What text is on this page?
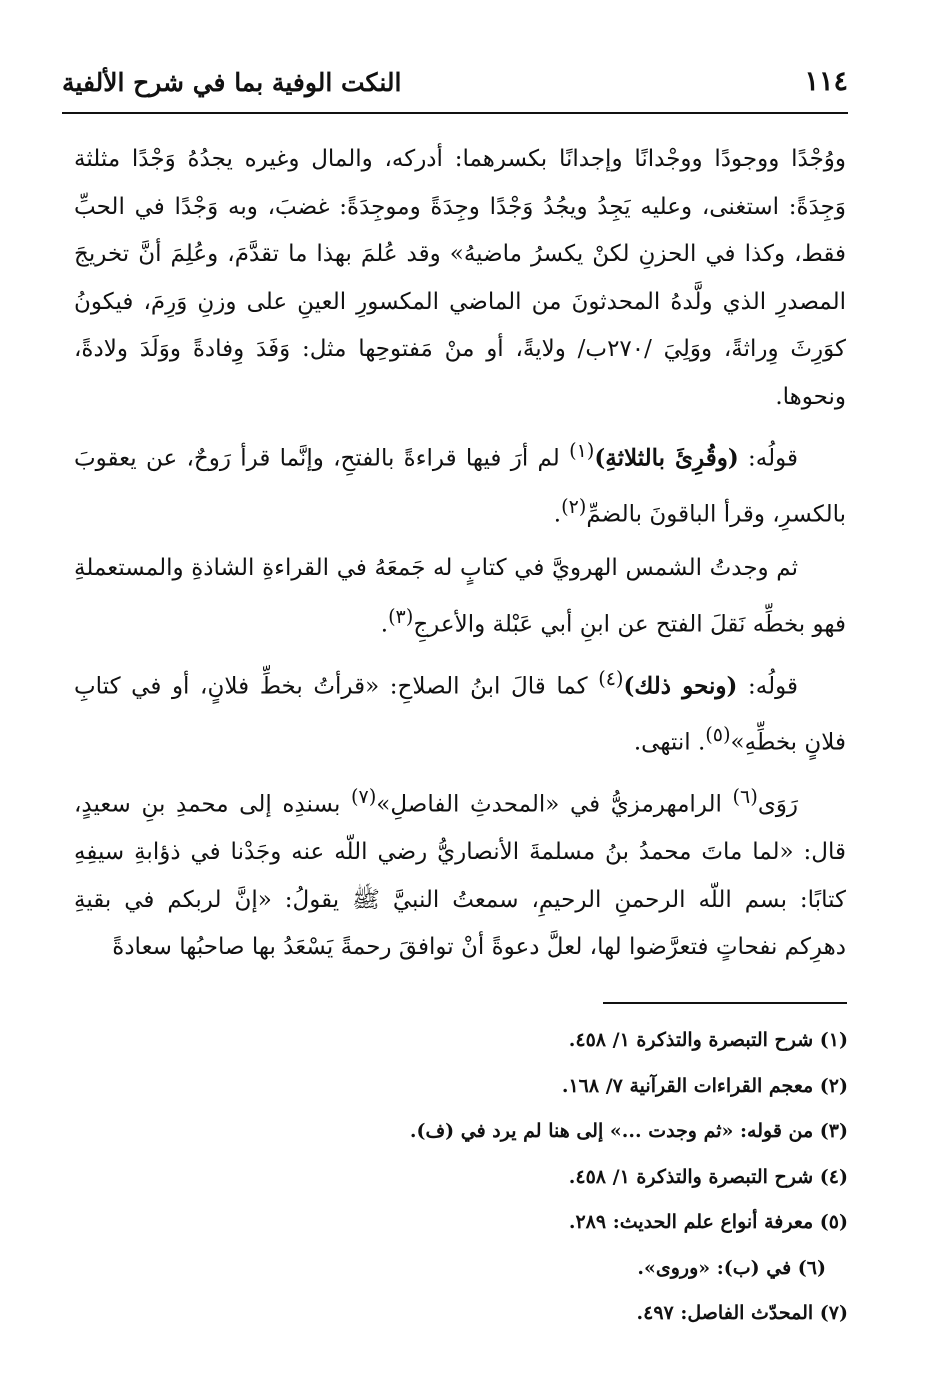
١١٤
النكت الوفية بما في شرح الألفية

ووُجْدًا ووجودًا ووجْدانًا وإجدانًا بكسرهما: أدركه، والمال وغيره يجدُهُ وَجْدًا مثلثة وَجِدَةً: استغنى، وعليه يَجِدُ ويجُدُ وَجْدًا وجِدَةً وموجِدَةً: غضبَ، وبه وَجْدًا في الحبِّ فقط، وكذا في الحزنِ لكنْ يكسرُ ماضيهُ» وقد عُلمَ بهذا ما تقدَّمَ، وعُلِمَ أنَّ تخريجَ المصدرِ الذي ولَّدهُ المحدثونَ من الماضي المكسورِ العينِ على وزنِ وَرِمَ، فيكونُ كوَرِثَ وِراثةً، ووَلِيَ /٢٧٠ب/ ولايةً، أو منْ مَفتوحِها مثل: وَفَدَ وِفادةً ووَلَدَ ولادةً، ونحوها.

قولُه: (وقُرِئَ بالثلاثةِ)$^{(١)}$ لم أرَ فيها قراءةً بالفتحِ، وإنَّما قرأ رَوحٌ، عن يعقوبَ بالكسرِ، وقرأ الباقونَ بالضمِّ$^{(٢)}$.

ثم وجدتُ الشمس الهرويَّ في كتابٍ له جَمعَهُ في القراءةِ الشاذةِ والمستعملةِ فهو بخطِّه نَقلَ الفتح عن ابنِ أبي عَبْلة والأعرجِ$^{(٣)}$.

قولُه: (ونحو ذلك)$^{(٤)}$ كما قالَ ابنُ الصلاحِ: «قرأتُ بخطِّ فلانٍ، أو في كتابِ فلانٍ بخطِّهِ»$^{(٥)}$. انتهى.

رَوَى$^{(٦)}$ الرامهرمزيُّ في «المحدثِ الفاصلِ»$^{(٧)}$ بسندِه إلى محمدِ بنِ سعيدٍ، قال: «لما ماتَ محمدُ بنُ مسلمةَ الأنصاريُّ رضي اللّه عنه وجَدْنا في ذؤابةِ سيفِهِ كتابًا: بسم اللّه الرحمنِ الرحيمِ، سمعتُ النبيَّ ﷺ يقولُ: «إنَّ لربكم في بقيةِ دهرِكم نفحاتٍ فتعرَّضوا لها، لعلَّ دعوةً أنْ توافقَ رحمةً يَسْعَدُ بها صاحبُها سعادةً

(١) شرح التبصرة والتذكرة ١/ ٤٥٨.
(٢) معجم القراءات القرآنية ٧/ ١٦٨.
(٣) من قوله: «ثم وجدت ...» إلى هنا لم يرد في (ف).
(٤) شرح التبصرة والتذكرة ١/ ٤٥٨.
(٥) معرفة أنواع علم الحديث: ٢٨٩.
(٦) في (ب): «وروى».
(٧) المحدّث الفاصل: ٤٩٧.
